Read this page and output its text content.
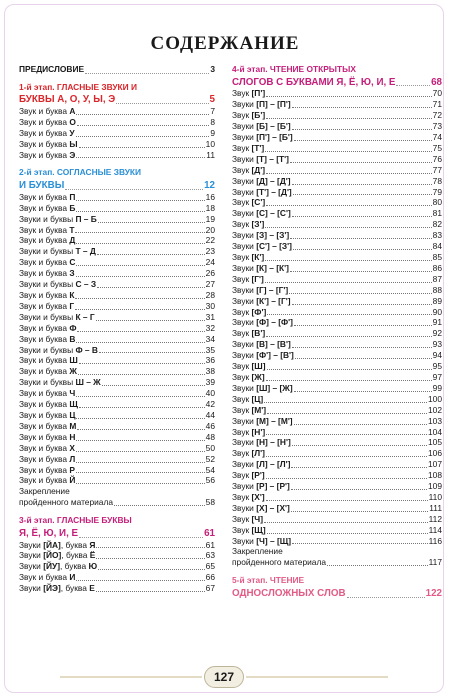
СОДЕРЖАНИЕ
ПРЕДИСЛОВИЕ	3
1-й этап. ГЛАСНЫЕ ЗВУКИ И
БУКВЫ А, О, У, Ы, Э	5
Звук и буква А	7
Звук и буква О	8
Звук и буква У	9
Звук и буква Ы	10
Звук и буква Э	11
2-й этап. СОГЛАСНЫЕ ЗВУКИ
И БУКВЫ	12
Звук и буква П	16
Звук и буква Б	18
Звуки и буквы П – Б	19
Звук и буква Т	20
Звук и буква Д	22
Звуки и буквы Т – Д	23
Звук и буква С	24
Звук и буква З	26
Звуки и буквы С – З	27
Звук и буква К	28
Звук и буква Г	30
Звуки и буквы К – Г	31
Звук и буква Ф	32
Звук и буква В	34
Звуки и буквы Ф – В	35
Звук и буква Ш	36
Звук и буква Ж	38
Звуки и буквы Ш – Ж	39
Звук и буква Ч	40
Звук и буква Щ	42
Звук и буква Ц	44
Звук и буква М	46
Звук и буква Н	48
Звук и буква Х	50
Звук и буква Л	52
Звук и буква Р	54
Звук и буква Й	56
Закрепление
пройденного материала	58
3-й этап. ГЛАСНЫЕ БУКВЫ
Я, Ё, Ю, И, Е	61
Звуки [ЙА], буква Я	61
Звуки [ЙО], буква Ё	63
Звуки [ЙУ], буква Ю	65
Звук и буква И	66
Звуки [ЙЭ], буква Е	67
4-й этап. ЧТЕНИЕ ОТКРЫТЫХ
СЛОГОВ С БУКВАМИ Я, Ё, Ю, И, Е	68
Звук [П']	70
Звуки [П] – [П']	71
Звук [Б']	72
Звуки [Б] – [Б']	73
Звуки [П'] – [Б']	74
Звук [Т']	75
Звуки [Т] – [Т']	76
Звук [Д']	77
Звуки [Д] – [Д']	78
Звуки [Т'] – [Д']	79
Звук [С']	80
Звуки [С] – [С']	81
Звук [З']	82
Звуки [З] – [З']	83
Звуки [С'] – [З']	84
Звук [К']	85
Звуки [К] – [К']	86
Звук [Г']	87
Звуки [Г] – [Г']	88
Звуки [К'] – [Г']	89
Звук [Ф']	90
Звуки [Ф] – [Ф']	91
Звук [В']	92
Звуки [В] – [В']	93
Звуки [Ф'] – [В']	94
Звук [Ш]	95
Звук [Ж]	97
Звуки [Ш] – [Ж]	99
Звук [Ц]	100
Звук [М']	102
Звуки [М] – [М']	103
Звук [Н']	104
Звуки [Н] – [Н']	105
Звук [Л']	106
Звуки [Л] – [Л']	107
Звук [Р']	108
Звуки [Р] – [Р']	109
Звук [Х']	110
Звуки [Х] – [Х']	111
Звук [Ч]	112
Звук [Щ]	114
Звуки [Ч] – [Щ]	116
Закрепление
пройденного материала	117
5-й этап. ЧТЕНИЕ
ОДНОСЛОЖНЫХ СЛОВ	122
127
